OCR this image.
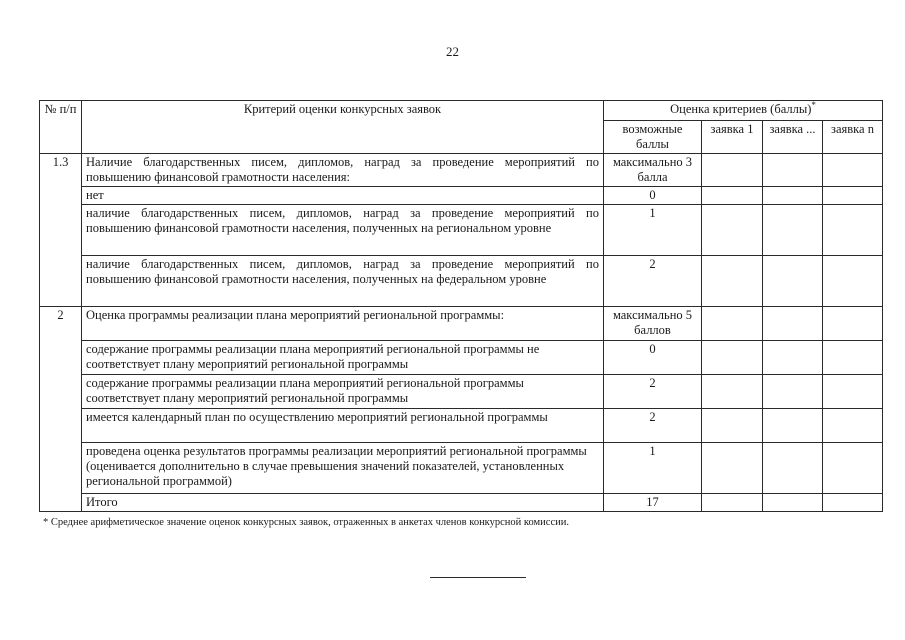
22
№ п/п	Критерий оценки конкурсных заявок	Оценка критериев (баллы)*
		возможные баллы	заявка 1	заявка ...	заявка n
1.3	Наличие благодарственных писем, дипломов, наград за проведение мероприятий по повышению финансовой грамотности населения:	максимально 3 балла			
	нет	0			
	наличие благодарственных писем, дипломов, наград за проведение мероприятий по повышению финансовой грамотности населения, полученных на региональном уровне	1			
	наличие благодарственных писем, дипломов, наград за проведение мероприятий по повышению финансовой грамотности населения, полученных на федеральном уровне	2			
2	Оценка программы реализации плана мероприятий региональной программы:	максимально 5 баллов			
	содержание программы реализации плана мероприятий региональной программы не соответствует плану мероприятий региональной программы	0			
	содержание программы реализации плана мероприятий региональной программы соответствует плану мероприятий региональной программы	2			
	имеется календарный план по осуществлению мероприятий региональной программы	2			
	проведена оценка результатов программы реализации мероприятий региональной программы (оценивается дополнительно в случае превышения значений показателей, установленных региональной программой)	1			
	Итого	17			
* Среднее арифметическое значение оценок конкурсных заявок, отраженных в анкетах членов конкурсной комиссии.
